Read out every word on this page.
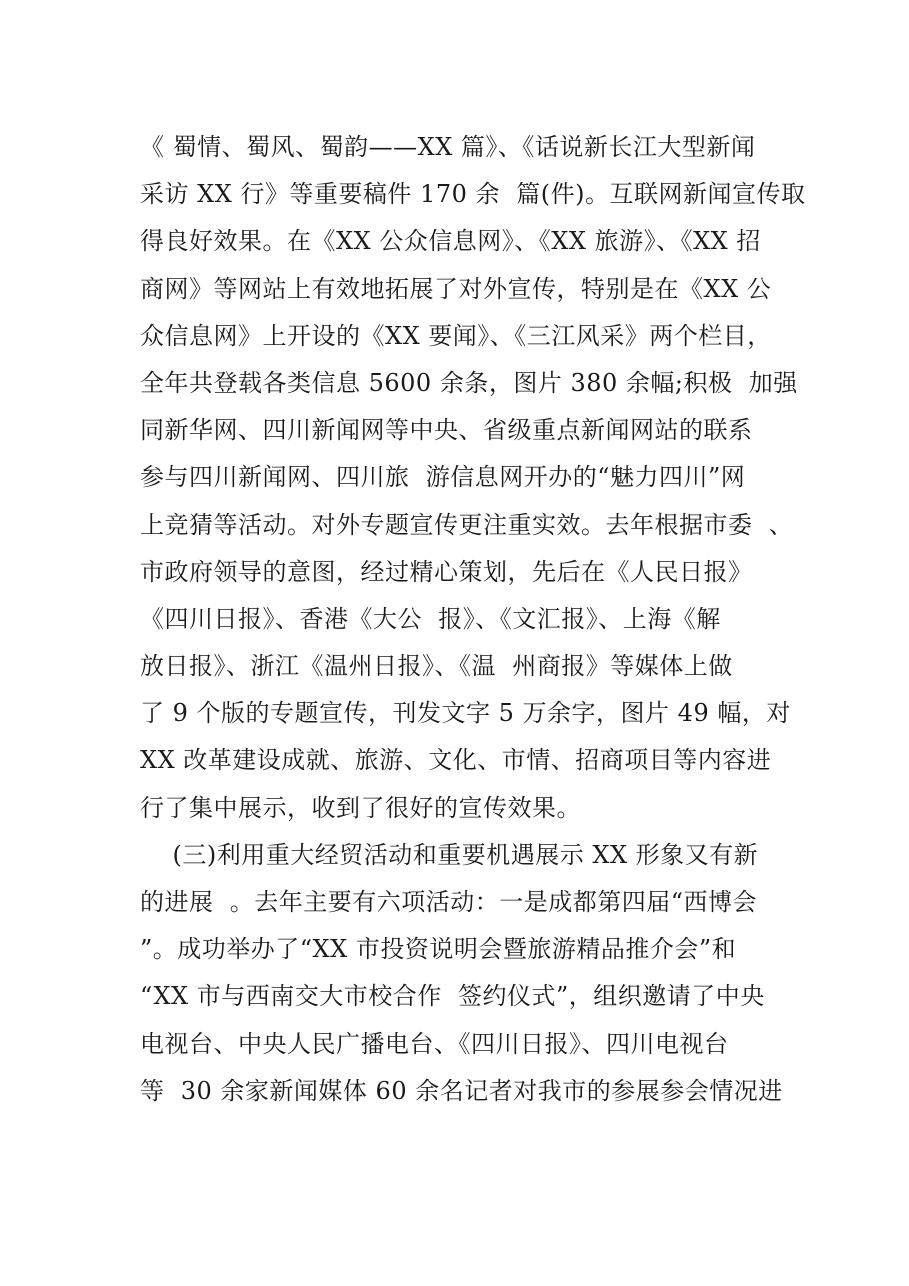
《 蜀情、蜀风、蜀韵——XX 篇》、《话说新长江大型新闻
采访 XX 行》等重要稿件 170 余  篇(件)。互联网新闻宣传取
得良好效果。在《XX 公众信息网》、《XX 旅游》、《XX 招
商网》等网站上有效地拓展了对外宣传，特别是在《XX 公
众信息网》上开设的《XX 要闻》、《三江风采》两个栏目，
全年共登载各类信息 5600 余条，图片 380 余幅;积极  加强
同新华网、四川新闻网等中央、省级重点新闻网站的联系
参与四川新闻网、四川旅  游信息网开办的“魅力四川”网
上竞猜等活动。对外专题宣传更注重实效。去年根据市委  、
市政府领导的意图，经过精心策划，先后在《人民日报》
《四川日报》、香港《大公  报》、《文汇报》、上海《解
放日报》、浙江《温州日报》、《温  州商报》等媒体上做
了 9 个版的专题宣传，刊发文字 5 万余字，图片 49 幅，对
XX 改革建设成就、旅游、文化、市情、招商项目等内容进
行了集中展示，收到了很好的宣传效果。
(三)利用重大经贸活动和重要机遇展示 XX 形象又有新
的进展  。去年主要有六项活动：一是成都第四届“西博会
”。成功举办了“XX 市投资说明会暨旅游精品推介会”和
“XX 市与西南交大市校合作  签约仪式”，组织邀请了中央
电视台、中央人民广播电台、《四川日报》、四川电视台
等  30 余家新闻媒体 60 余名记者对我市的参展参会情况进
